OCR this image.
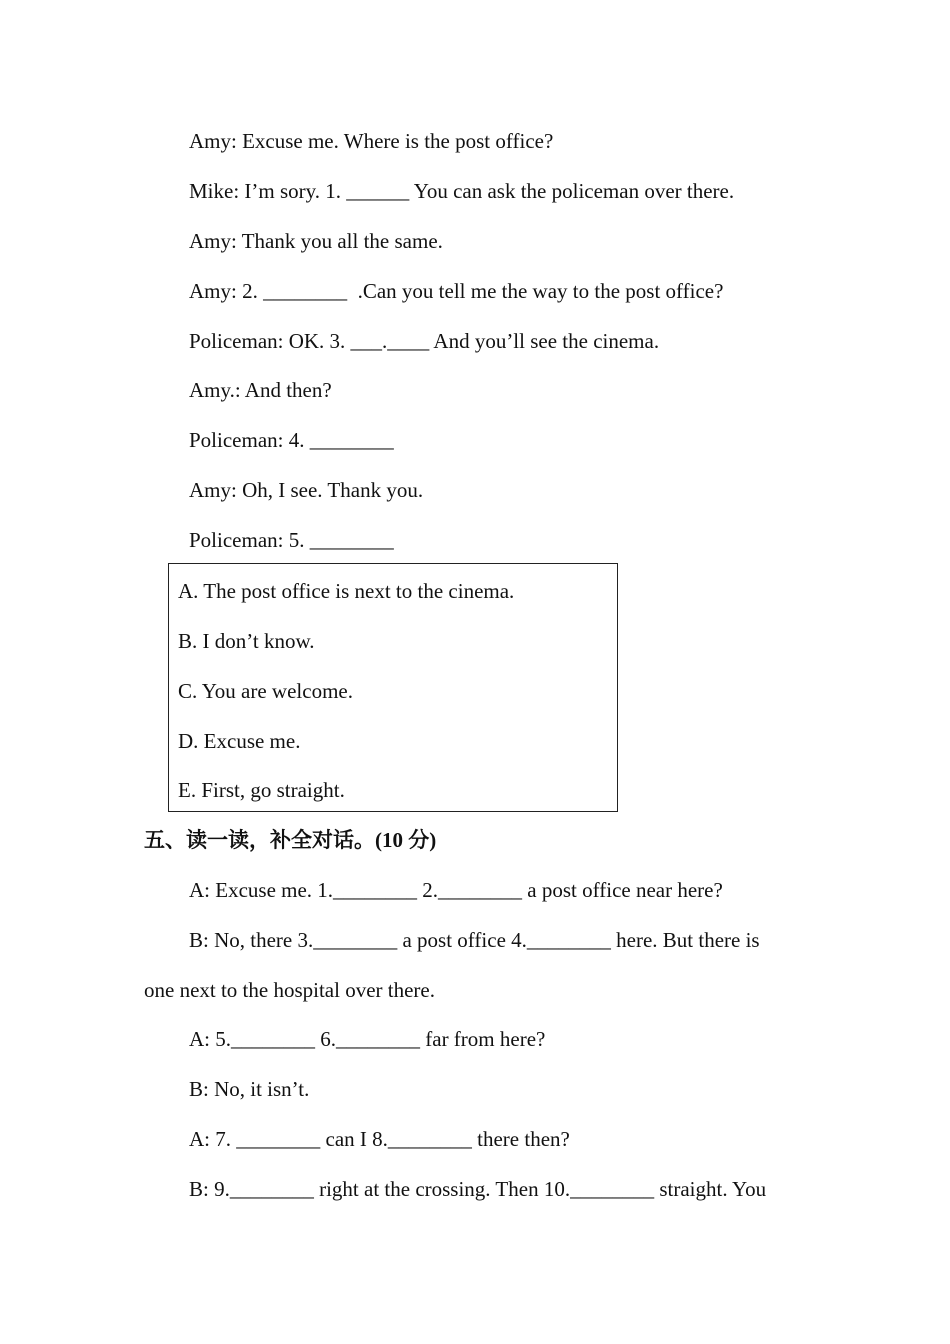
Amy: Excuse me. Where is the post office?
Mike: I’m sory. 1. ______ You can ask the policeman over there.
Amy: Thank you all the same.
Amy: 2. ________  .Can you tell me the way to the post office?
Policeman: OK. 3. ___.____ And you’ll see the cinema.
Amy.: And then?
Policeman: 4. ________
Amy: Oh, I see. Thank you.
Policeman: 5. ________
A. The post office is next to the cinema.
B. I don’t know.
C. You are welcome.
D. Excuse me.
E. First, go straight.
五、读一读，补全对话。(10 分)
A: Excuse me. 1.________ 2.________ a post office near here?
B: No, there 3.________ a post office 4.________ here. But there is
one next to the hospital over there.
A: 5.________ 6.________ far from here?
B: No, it isn’t.
A: 7. ________ can I 8.________ there then?
B: 9.________ right at the crossing. Then 10.________ straight. You
